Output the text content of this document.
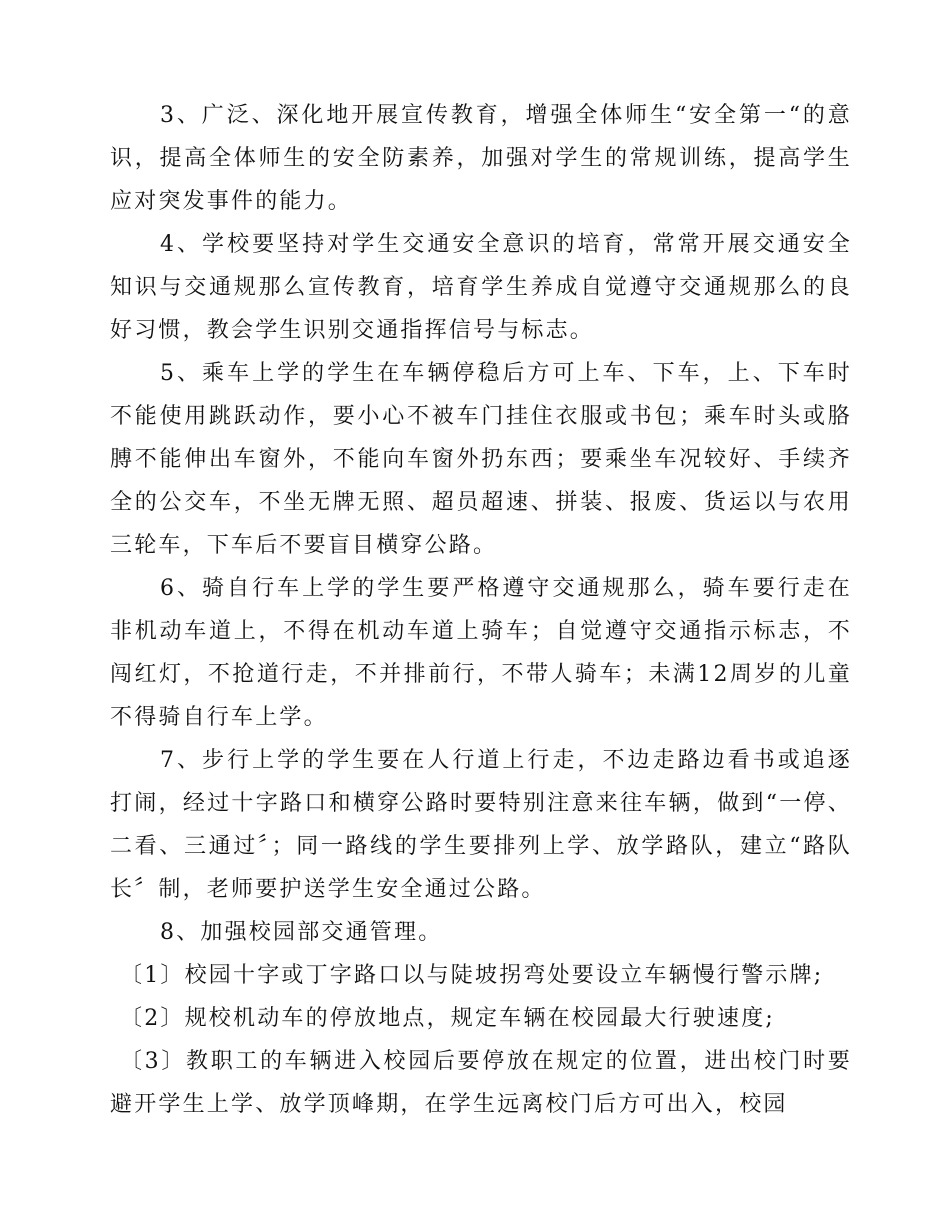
3、广泛、深化地开展宣传教育，增强全体师生“安全第一“的意识，提高全体师生的安全防素养，加强对学生的常规训练，提高学生应对突发事件的能力。

4、学校要坚持对学生交通安全意识的培育，常常开展交通安全知识与交通规那么宣传教育，培育学生养成自觉遵守交通规那么的良好习惯，教会学生识别交通指挥信号与标志。

5、乘车上学的学生在车辆停稳后方可上车、下车，上、下车时不能使用跳跃动作，要小心不被车门挂住衣服或书包；乘车时头或胳膊不能伸出车窗外，不能向车窗外扔东西；要乘坐车况较好、手续齐全的公交车，不坐无牌无照、超员超速、拼装、报废、货运以与农用三轮车，下车后不要盲目横穿公路。

6、骑自行车上学的学生要严格遵守交通规那么，骑车要行走在非机动车道上，不得在机动车道上骑车；自觉遵守交通指示标志，不闯红灯，不抢道行走，不并排前行，不带人骑车；未满12周岁的儿童不得骑自行车上学。

7、步行上学的学生要在人行道上行走，不边走路边看书或追逐打闹，经过十字路口和横穿公路时要特别注意来往车辆，做到“一停、二看、三通过〞；同一路线的学生要排列上学、放学路队，建立“路队长〞制，老师要护送学生安全通过公路。

8、加强校园部交通管理。

〔1〕校园十字或丁字路口以与陡坡拐弯处要设立车辆慢行警示牌;

〔2〕规校机动车的停放地点，规定车辆在校园最大行驶速度;

〔3〕教职工的车辆进入校园后要停放在规定的位置，进出校门时要避开学生上学、放学顶峰期，在学生远离校门后方可出入，校园
